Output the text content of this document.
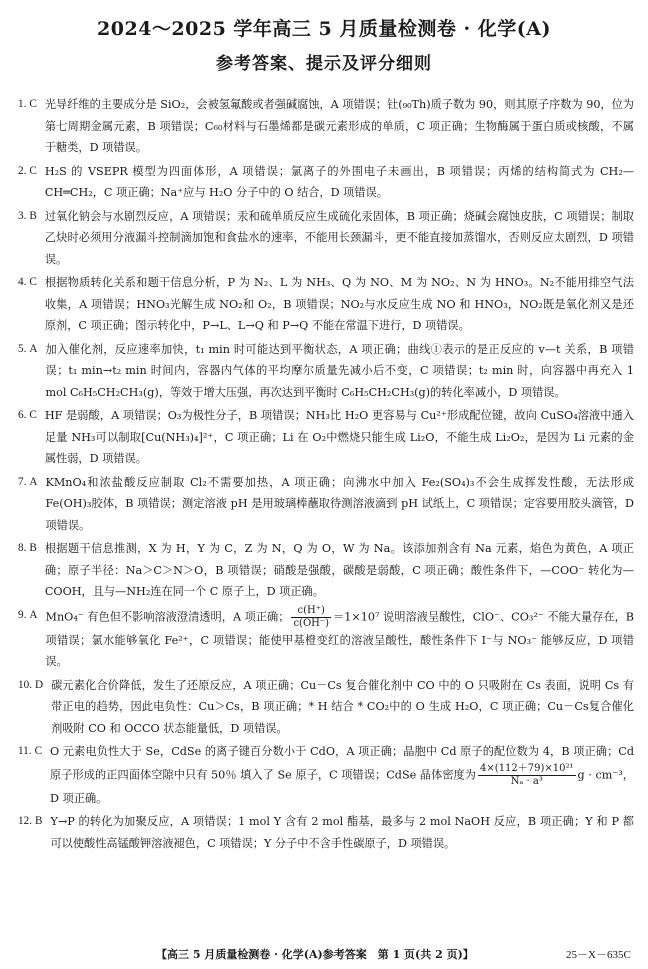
2024～2025 学年高三 5 月质量检测卷 · 化学(A)
参考答案、提示及评分细则
1. C 光导纤维的主要成分是 SiO₂，会被氢氟酸或者强碱腐蚀，A 项错误；钍(₉₀Th)质子数为 90，则其原子序数为 90，位为第七周期金属元素，B 项错误；C₆₀材料与石墨烯都是碳元素形成的单质，C 项正确；生物酶属于蛋白质或核酸，不属于糖类，D 项错误。
2. C H₂S 的 VSEPR 模型为四面体形，A 项错误；氯离子的外围电子未画出，B 项错误；丙烯的结构简式为 CH₂—CH═CH₂，C 项正确；Na⁺应与 H₂O 分子中的 O 结合，D 项错误。
3. B 过氧化钠会与水剧烈反应，A 项错误；汞和硫单质反应生成硫化汞固体，B 项正确；烧碱会腐蚀皮肤，C 项错误；制取乙炔时必须用分液漏斗控制滴加饱和食盐水的速率，不能用长颈漏斗，更不能直接加蒸馏水，否则反应太剧烈，D 项错误。
4. C 根据物质转化关系和题干信息分析，P 为 N₂、L 为 NH₃、Q 为 NO、M 为 NO₂、N 为 HNO₃。N₂不能用排空气法收集，A 项错误；HNO₃光解生成 NO₂和 O₂，B 项错误；NO₂与水反应生成 NO 和 HNO₃，NO₂既是氧化剂又是还原剂，C 项正确；图示转化中，P→L、L→Q 和 P→Q 不能在常温下进行，D 项错误。
5. A 加入催化剂，反应速率加快，t₁ min 时可能达到平衡状态，A 项正确；曲线①表示的是正反应的 v—t 关系，B 项错误；t₁ min→t₂ min 时间内，容器内气体的平均摩尔质量先减小后不变，C 项错误；t₂ min 时，向容器中再充入 1 mol C₆H₅CH₂CH₃(g)，等效于增大压强，再次达到平衡时 C₆H₅CH₂CH₃(g)的转化率减小，D 项错误。
6. C HF 是弱酸，A 项错误；O₃为极性分子，B 项错误；NH₃比 H₂O 更容易与 Cu²⁺形成配位键，故向 CuSO₄溶液中通入足量 NH₃可以制取[Cu(NH₃)₄]²⁺，C 项正确；Li 在 O₂中燃烧只能生成 Li₂O，不能生成 Li₂O₂，是因为 Li 元素的金属性弱，D 项错误。
7. A KMnO₄和浓盐酸反应制取 Cl₂不需要加热，A 项正确；向沸水中加入 Fe₂(SO₄)₃不会生成挥发性酸，无法形成 Fe(OH)₃胶体，B 项错误；测定溶液 pH 是用玻璃棒蘸取待测溶液滴到 pH 试纸上，C 项错误；定容要用胶头滴管，D 项错误。
8. B 根据题干信息推测，X 为 H，Y 为 C，Z 为 N，Q 为 O，W 为 Na。该添加剂含有 Na 元素，焰色为黄色，A 项正确；原子半径：Na＞C＞N＞O，B 项错误；硝酸是强酸，碳酸是弱酸，C 项正确；酸性条件下，—COO⁻ 转化为—COOH，且与—NH₂连在同一个 C 原子上，D 项正确。
9. A MnO₄⁻ 有色但不影响溶液澄清透明，A 项正确； $\frac{c(H^+)}{c(OH^-)} =1\times 10^7$ 说明溶液呈酸性，ClO⁻、CO₃²⁻ 不能大量存在，B 项错误；氯水能够氧化 Fe²⁺，C 项错误；能使甲基橙变红的溶液呈酸性，酸性条件下 I⁻与 NO₃⁻ 能够反应，D 项错误。
10. D 碳元素化合价降低，发生了还原反应，A 项正确；Cu－Cs 复合催化剂中 CO 中的 O 只吸附在 Cs 表面，说明 Cs 有带正电的趋势，因此电负性：Cu＞Cs，B 项正确；* H 结合 * CO₂中的 O 生成 H₂O，C 项正确；Cu－Cs复合催化剂吸附 CO 和 OCCO 状态能量低，D 项错误。
11. C O 元素电负性大于 Se，CdSe 的离子键百分数小于 CdO，A 项正确；晶胞中 Cd 原子的配位数为 4，B 项正确；Cd 原子形成的正四面体空隙中只有 50％ 填入了 Se 原子，C 项错误；CdSe 晶体密度为 $\frac{\text{4×(112＋79)×10²¹}}{\text{Nₐ · a³}}$ g · cm⁻³，D 项正确。
12. B Y→P 的转化为加聚反应，A 项错误；1 mol Y 含有 2 mol 酯基，最多与 2 mol NaOH 反应，B 项正确；Y 和 P 都可以使酸性高锰酸钾溶液褪色，C 项错误；Y 分子中不含手性碳原子，D 项错误。
【高三 5 月质量检测卷 · 化学(A)参考答案　第 1 页(共 2 页)】	25－X－635C
